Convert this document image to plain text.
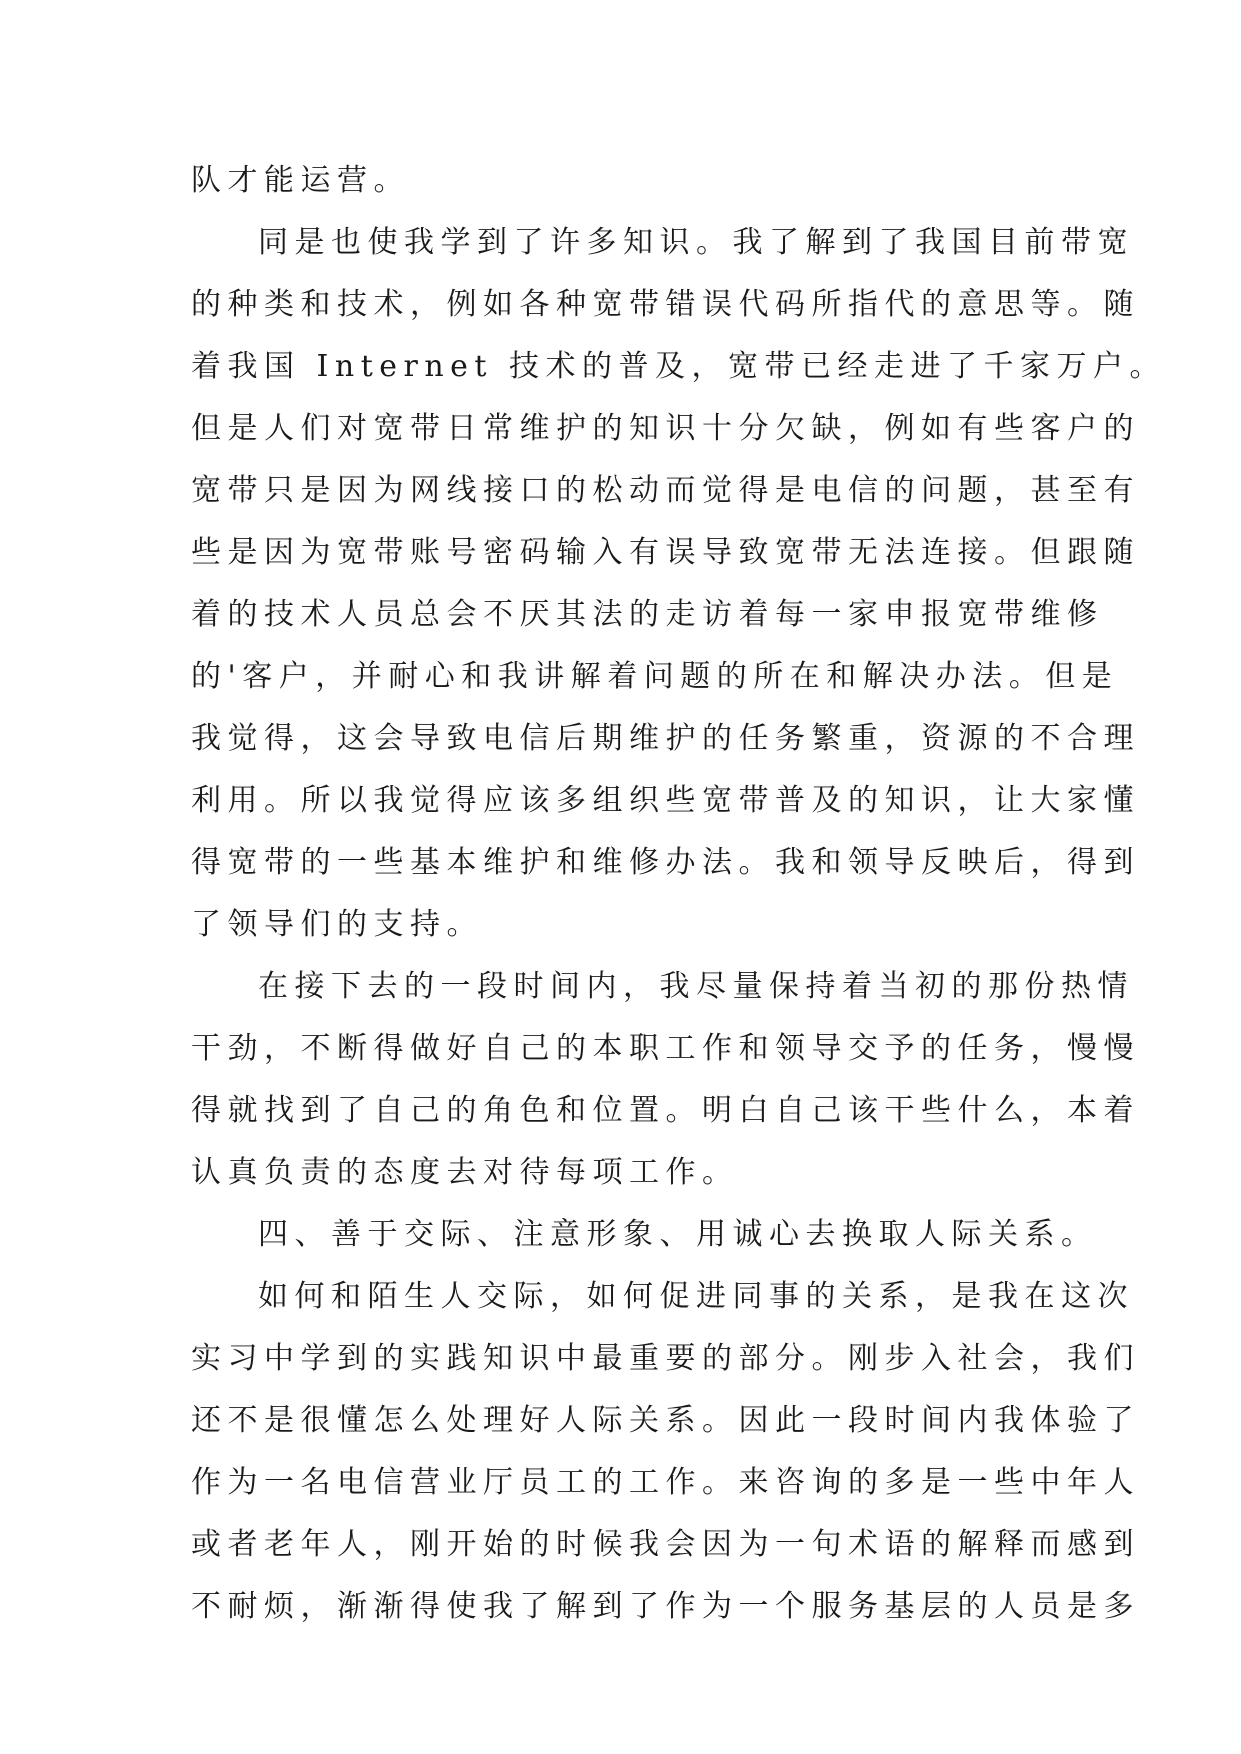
队才能运营。
同是也使我学到了许多知识。我了解到了我国目前带宽
的种类和技术，例如各种宽带错误代码所指代的意思等。随
着我国 Internet 技术的普及，宽带已经走进了千家万户。
但是人们对宽带日常维护的知识十分欠缺，例如有些客户的
宽带只是因为网线接口的松动而觉得是电信的问题，甚至有
些是因为宽带账号密码输入有误导致宽带无法连接。但跟随
着的技术人员总会不厌其法的走访着每一家申报宽带维修
的'客户，并耐心和我讲解着问题的所在和解决办法。但是
我觉得，这会导致电信后期维护的任务繁重，资源的不合理
利用。所以我觉得应该多组织些宽带普及的知识，让大家懂
得宽带的一些基本维护和维修办法。我和领导反映后，得到
了领导们的支持。
在接下去的一段时间内，我尽量保持着当初的那份热情
干劲，不断得做好自己的本职工作和领导交予的任务，慢慢
得就找到了自己的角色和位置。明白自己该干些什么，本着
认真负责的态度去对待每项工作。
四、善于交际、注意形象、用诚心去换取人际关系。
如何和陌生人交际，如何促进同事的关系，是我在这次
实习中学到的实践知识中最重要的部分。刚步入社会，我们
还不是很懂怎么处理好人际关系。因此一段时间内我体验了
作为一名电信营业厅员工的工作。来咨询的多是一些中年人
或者老年人，刚开始的时候我会因为一句术语的解释而感到
不耐烦，渐渐得使我了解到了作为一个服务基层的人员是多
